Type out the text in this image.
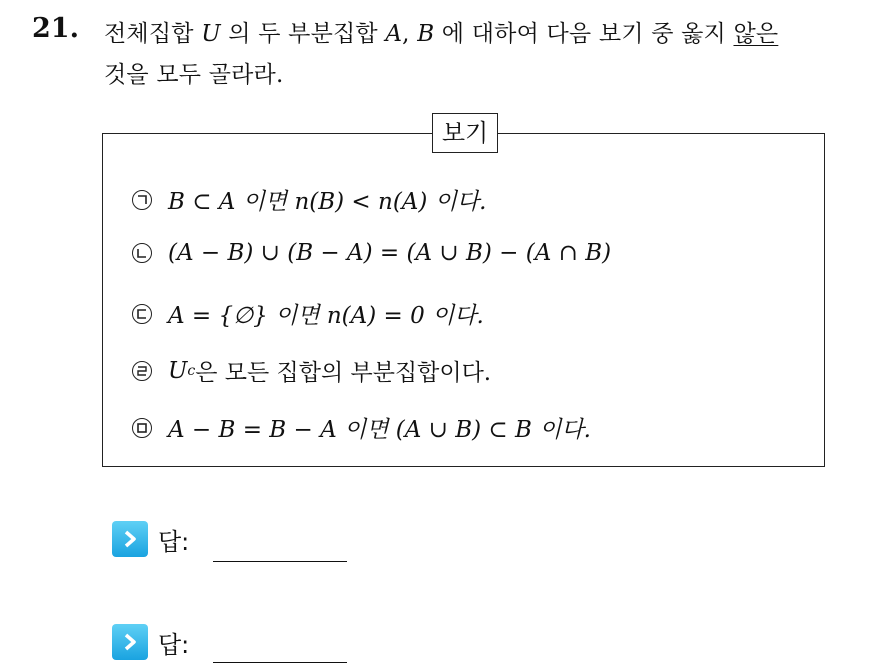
21. 전체집합 U 의 두 부분집합 A, B 에 대하여 다음 보기 중 옳지 않은
것을 모두 골라라.
보기
B ⊂ A 이면 n(B) < n(A) 이다.
(A − B) ∪ (B − A) = (A ∪ B) − (A ∩ B)
A = {∅} 이면 n(A) = 0 이다.
U c 은 모든 집합의 부분집합이다.
A − B = B − A 이면 (A ∪ B) ⊂ B 이다.
답:
답:
